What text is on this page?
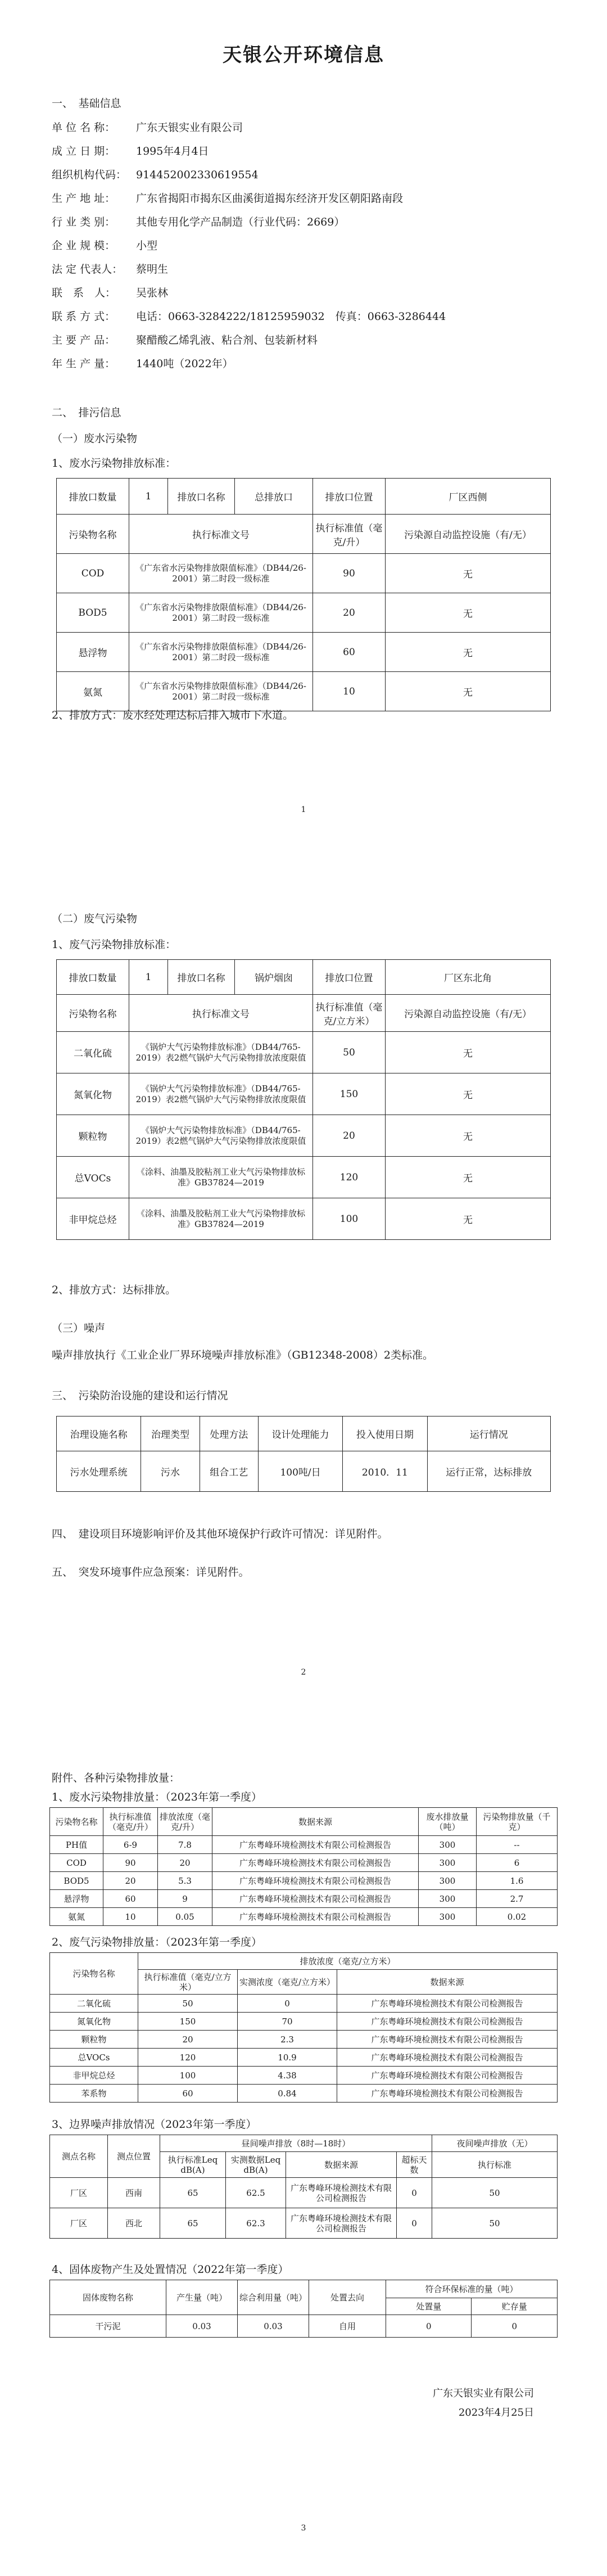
天银公开环境信息
一、　基础信息
单 位 名 称： 广东天银实业有限公司
成 立 日 期： 1995年4月4日
组织机构代码： 914452002330619554
生 产 地 址： 广东省揭阳市揭东区曲溪街道揭东经济开发区朝阳路南段
行 业 类 别： 其他专用化学产品制造（行业代码：2669）
企 业 规 模： 小型
法 定 代表人： 蔡明生
联　系　人： 吴张林
联 系 方 式： 电话：0663-3284222/18125959032　传真：0663-3286444
主 要 产 品： 聚醋酸乙烯乳液、粘合剂、包装新材料
年 生 产 量： 1440吨（2022年）
二、　排污信息
（一）废水污染物
1、废水污染物排放标准：
排放口数量	1	排放口名称	总排放口	排放口位置	厂区西侧
污染物名称	执行标准文号			执行标准值（毫克/升）	污染源自动监控设施（有/无）
COD	《广东省水污染物排放限值标准》（DB44/26-2001）第二时段一级标准			90	无
BOD5	《广东省水污染物排放限值标准》（DB44/26-2001）第二时段一级标准			20	无
悬浮物	《广东省水污染物排放限值标准》（DB44/26-2001）第二时段一级标准			60	无
氨氮	《广东省水污染物排放限值标准》（DB44/26-2001）第二时段一级标准			10	无
2、排放方式：废水经处理达标后排入城市下水道。
1
（二）废气污染物
1、废气污染物排放标准：
排放口数量	1	排放口名称	锅炉烟囱	排放口位置	厂区东北角
污染物名称	执行标准文号			执行标准值（毫克/立方米）	污染源自动监控设施（有/无）
二氧化硫	《锅炉大气污染物排放标准》（DB44/765-2019）表2燃气锅炉大气污染物排放浓度限值			50	无
氮氧化物	《锅炉大气污染物排放标准》（DB44/765-2019）表2燃气锅炉大气污染物排放浓度限值			150	无
颗粒物	《锅炉大气污染物排放标准》（DB44/765-2019）表2燃气锅炉大气污染物排放浓度限值			20	无
总VOCs	《涂料、油墨及胶粘剂工业大气污染物排放标准》GB37824—2019			120	无
非甲烷总烃	《涂料、油墨及胶粘剂工业大气污染物排放标准》GB37824—2019			100	无
2、排放方式：达标排放。
（三）噪声
噪声排放执行《工业企业厂界环境噪声排放标准》（GB12348-2008）2类标准。
三、　污染防治设施的建设和运行情况
治理设施名称	治理类型	处理方法	设计处理能力	投入使用日期	运行情况
污水处理系统	污水	组合工艺	100吨/日	2010．11	运行正常，达标排放
四、　建设项目环境影响评价及其他环境保护行政许可情况：详见附件。
五、　突发环境事件应急预案：详见附件。
2
附件、各种污染物排放量：
1、废水污染物排放量：（2023年第一季度）
污染物名称	执行标准值（毫克/升）	排放浓度（毫克/升）	数据来源	废水排放量（吨）	污染物排放量（千克）
PH值	6-9	7.8	广东粤峰环境检测技术有限公司检测报告	300	--
COD	90	20	广东粤峰环境检测技术有限公司检测报告	300	6
BOD5	20	5.3	广东粤峰环境检测技术有限公司检测报告	300	1.6
悬浮物	60	9	广东粤峰环境检测技术有限公司检测报告	300	2.7
氨氮	10	0.05	广东粤峰环境检测技术有限公司检测报告	300	0.02
2、废气污染物排放量：（2023年第一季度）
污染物名称	排放浓度（毫克/立方米）		
	执行标准值（毫克/立方米）	实测浓度（毫克/立方米）	数据来源
二氧化硫	50	0	广东粤峰环境检测技术有限公司检测报告
氮氧化物	150	70	广东粤峰环境检测技术有限公司检测报告
颗粒物	20	2.3	广东粤峰环境检测技术有限公司检测报告
总VOCs	120	10.9	广东粤峰环境检测技术有限公司检测报告
非甲烷总烃	100	4.38	广东粤峰环境检测技术有限公司检测报告
苯系物	60	0.84	广东粤峰环境检测技术有限公司检测报告
3、边界噪声排放情况（2023年第一季度）
测点名称	测点位置	昼间噪声排放（8时—18时）				夜间噪声排放（无）
		执行标准Leq dB(A)	实测数据Leq dB(A)	数据来源	超标天数	执行标准
厂区	西南	65	62.5	广东粤峰环境检测技术有限公司检测报告	0	50
厂区	西北	65	62.3	广东粤峰环境检测技术有限公司检测报告	0	50
4、固体废物产生及处置情况（2022年第一季度）
固体废物名称	产生量（吨）	综合利用量（吨）	处置去向	符合环保标准的量（吨）	
				处置量	贮存量
干污泥	0.03	0.03	自用	0	0
广东天银实业有限公司
2023年4月25日
3
